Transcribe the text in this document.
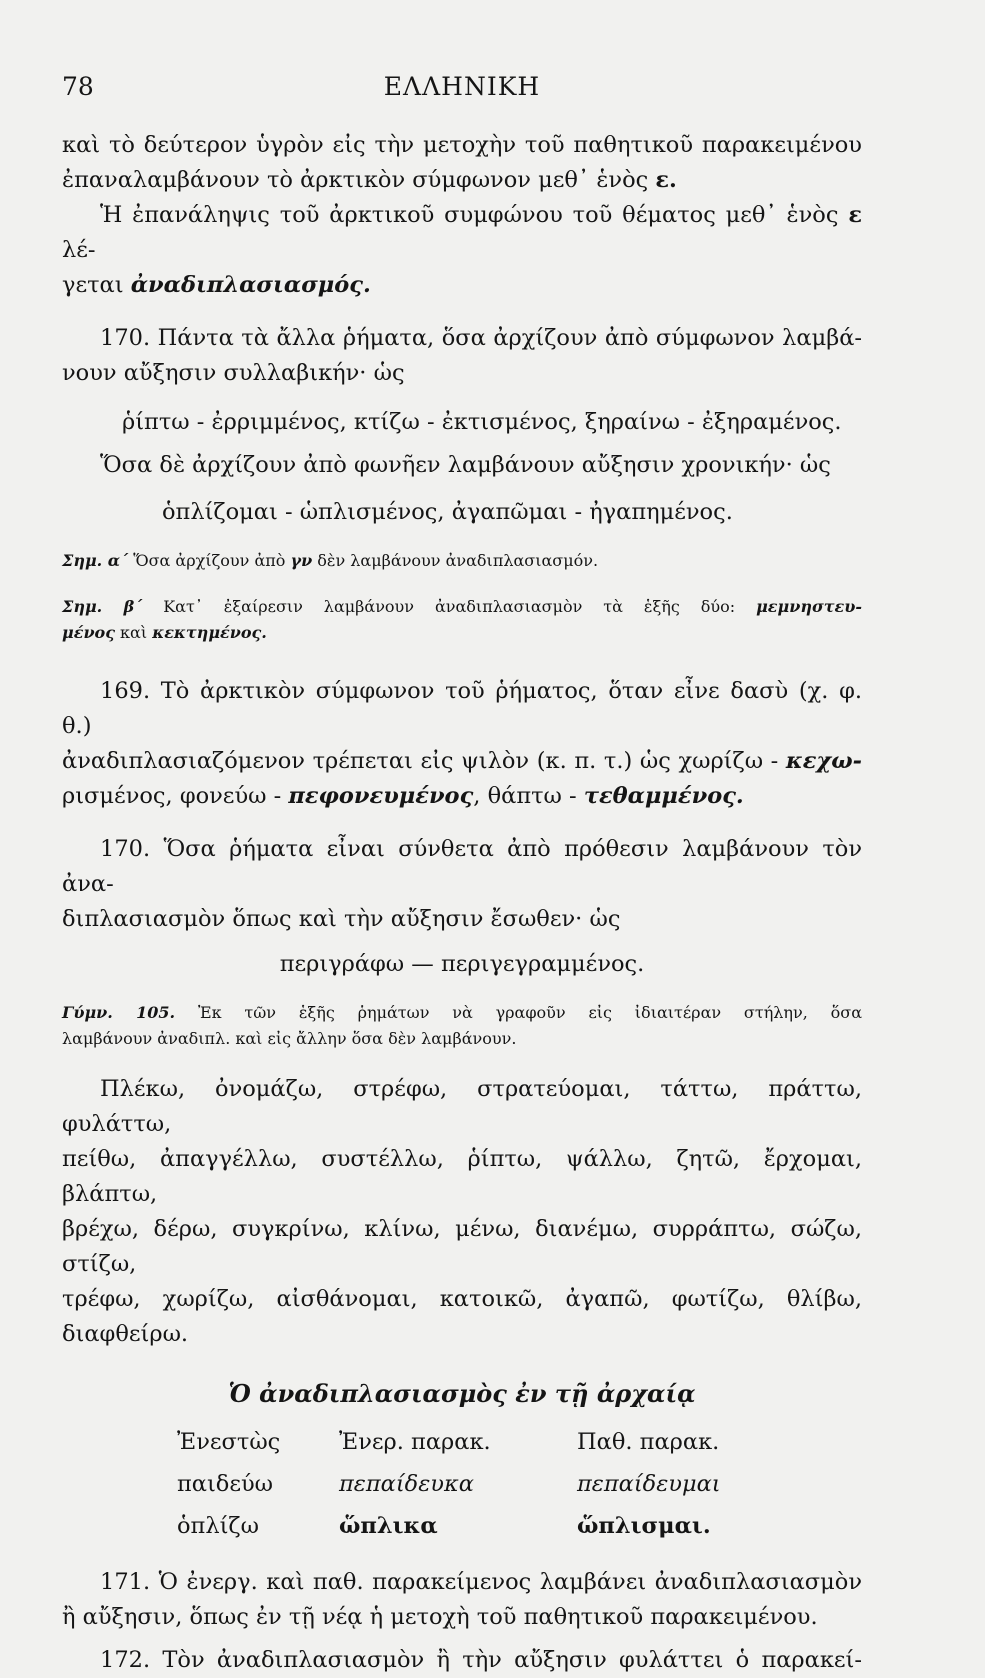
78	ΕΛΛΗΝΙΚΗ

καὶ τὸ δεύτερον ὑγρὸν εἰς τὴν μετοχὴν τοῦ παθητικοῦ παρακειμένου

ἐπαναλαμβάνουν τὸ ἀρκτικὸν σύμφωνον μεθ᾿ ἑνὸς ε.

Ἡ ἐπανάληψις τοῦ ἀρκτικοῦ συμφώνου τοῦ θέματος μεθ᾿ ἑνὸς ε λέ-

γεται ἀναδιπλασιασμός.

170. Πάντα τὰ ἄλλα ῥήματα, ὅσα ἀρχίζουν ἀπὸ σύμφωνον λαμβά-

νουν αὔξησιν συλλαβικήν· ὡς

ῥίπτω - ἐρριμμένος, κτίζω - ἐκτισμένος, ξηραίνω - ἐξηραμένος.

Ὅσα δὲ ἀρχίζουν ἀπὸ φωνῆεν λαμβάνουν αὔξησιν χρονικήν· ὡς

ὁπλίζομαι - ὡπλισμένος, ἀγαπῶμαι - ἠγαπημένος.

Σημ. α΄ Ὅσα ἀρχίζουν ἀπὸ γν δὲν λαμβάνουν ἀναδιπλασιασμόν.

Σημ. β΄ Κατ᾿ ἐξαίρεσιν λαμβάνουν ἀναδιπλασιασμὸν τὰ ἑξῆς δύο: μεμνηστευ-

μένος καὶ κεκτημένος.

169. Τὸ ἀρκτικὸν σύμφωνον τοῦ ῥήματος, ὅταν εἶνε δασὺ (χ. φ. θ.)

ἀναδιπλασιαζόμενον τρέπεται εἰς ψιλὸν (κ. π. τ.) ὡς χωρίζω - κεχω-

ρισμένος, φονεύω - πεφονευμένος, θάπτω - τεθαμμένος.

170. Ὅσα ῥήματα εἶναι σύνθετα ἀπὸ πρόθεσιν λαμβάνουν τὸν ἀνα-

διπλασιασμὸν ὅπως καὶ τὴν αὔξησιν ἔσωθεν· ὡς

περιγράφω — περιγεγραμμένος.

Γύμν. 105. Ἐκ τῶν ἑξῆς ῥημάτων νὰ γραφοῦν εἰς ἰδιαιτέραν στήλην, ὅσα

λαμβάνουν ἀναδιπλ. καὶ εἰς ἄλλην ὅσα δὲν λαμβάνουν.

Πλέκω, ὀνομάζω, στρέφω, στρατεύομαι, τάττω, πράττω, φυλάττω,

πείθω, ἀπαγγέλλω, συστέλλω, ῥίπτω, ψάλλω, ζητῶ, ἔρχομαι, βλάπτω,

βρέχω, δέρω, συγκρίνω, κλίνω, μένω, διανέμω, συρράπτω, σώζω, στίζω,

τρέφω, χωρίζω, αἰσθάνομαι, κατοικῶ, ἀγαπῶ, φωτίζω, θλίβω, διαφθείρω.

Ὁ ἀναδιπλασιασμὸς ἐν τῇ ἀρχαίᾳ

Ἐνεστὼς	Ἐνερ. παρακ.	Παθ. παρακ.
παιδεύω	πεπαίδευκα	πεπαίδευμαι
ὁπλίζω	ὥπλικα	ὥπλισμαι.

171. Ὁ ἐνεργ. καὶ παθ. παρακείμενος λαμβάνει ἀναδιπλασιασμὸν

ἢ αὔξησιν, ὅπως ἐν τῇ νέᾳ ἡ μετοχὴ τοῦ παθητικοῦ παρακειμένου.

172. Τὸν ἀναδιπλασιασμὸν ἢ τὴν αὔξησιν φυλάττει ὁ παρακεί-
